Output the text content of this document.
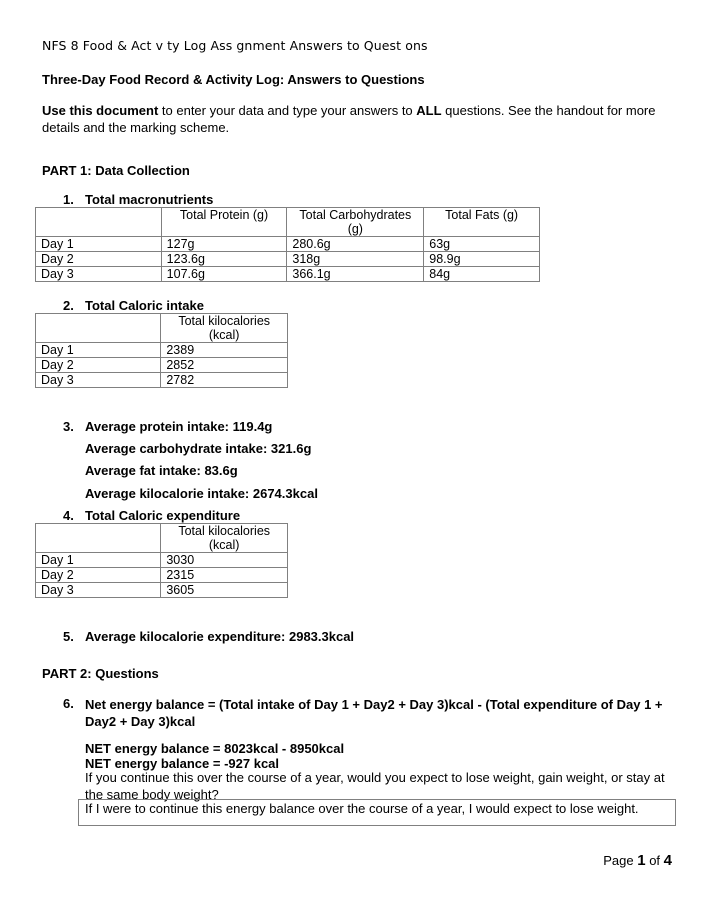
NFS 8 Food & Act v ty Log Ass gnment Answers to Quest ons
Three-Day Food Record & Activity Log: Answers to Questions
Use this document to enter your data and type your answers to ALL questions. See the handout for more details and the marking scheme.
PART 1: Data Collection
1. Total macronutrients
	Total Protein (g)	Total Carbohydrates (g)	Total Fats (g)
Day 1	127g	280.6g	63g
Day 2	123.6g	318g	98.9g
Day 3	107.6g	366.1g	84g
2. Total Caloric intake
	Total kilocalories (kcal)
Day 1	2389
Day 2	2852
Day 3	2782
3. Average protein intake: 119.4g
Average carbohydrate intake: 321.6g
Average fat intake: 83.6g
Average kilocalorie intake: 2674.3kcal
4. Total Caloric expenditure
	Total kilocalories (kcal)
Day 1	3030
Day 2	2315
Day 3	3605
5. Average kilocalorie expenditure: 2983.3kcal
PART 2: Questions
6. Net energy balance = (Total intake of Day 1 + Day2 + Day 3)kcal - (Total expenditure of Day 1 + Day2 + Day 3)kcal
NET energy balance = 8023kcal - 8950kcal
NET energy balance = -927 kcal
If you continue this over the course of a year, would you expect to lose weight, gain weight, or stay at the same body weight?
If I were to continue this energy balance over the course of a year, I would expect to lose weight.
Page 1 of 4
